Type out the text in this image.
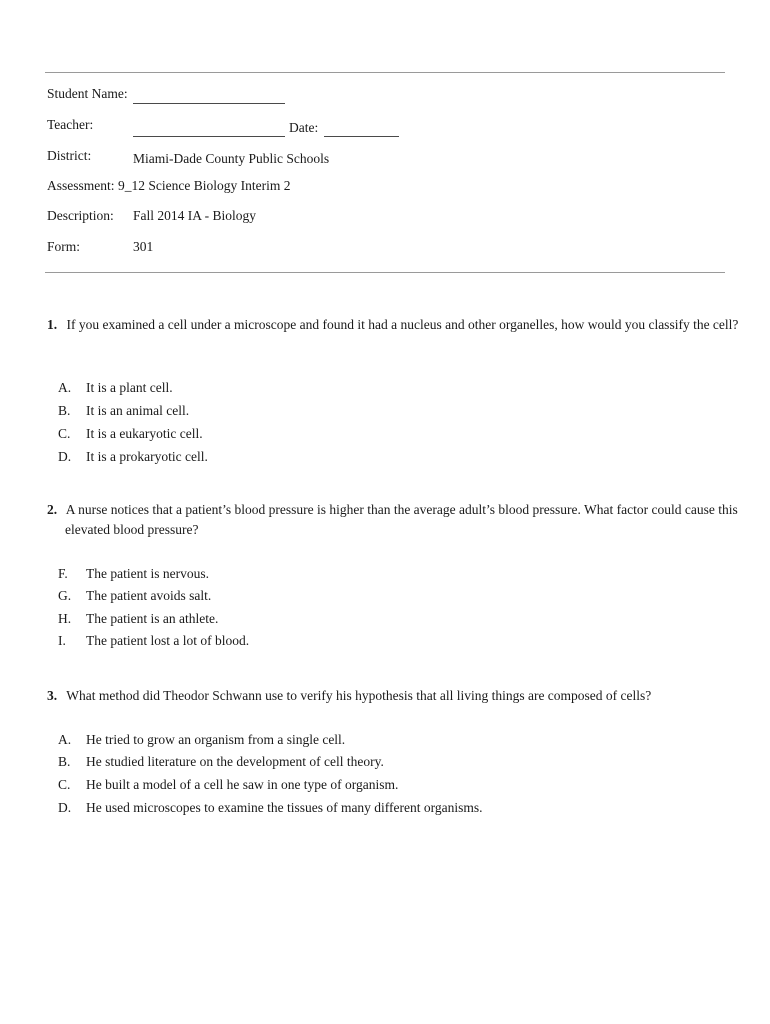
Student Name:
Teacher:	Date:
District:	Miami-Dade County Public Schools
Assessment: 9_12 Science Biology Interim 2
Description: Fall 2014 IA - Biology
Form:	301
1. If you examined a cell under a microscope and found it had a nucleus and other organelles, how would you classify the cell?
A. It is a plant cell.
B. It is an animal cell.
C. It is a eukaryotic cell.
D. It is a prokaryotic cell.
2. A nurse notices that a patient’s blood pressure is higher than the average adult’s blood pressure. What factor could cause this elevated blood pressure?
F. The patient is nervous.
G. The patient avoids salt.
H. The patient is an athlete.
I. The patient lost a lot of blood.
3. What method did Theodor Schwann use to verify his hypothesis that all living things are composed of cells?
A. He tried to grow an organism from a single cell.
B. He studied literature on the development of cell theory.
C. He built a model of a cell he saw in one type of organism.
D. He used microscopes to examine the tissues of many different organisms.
